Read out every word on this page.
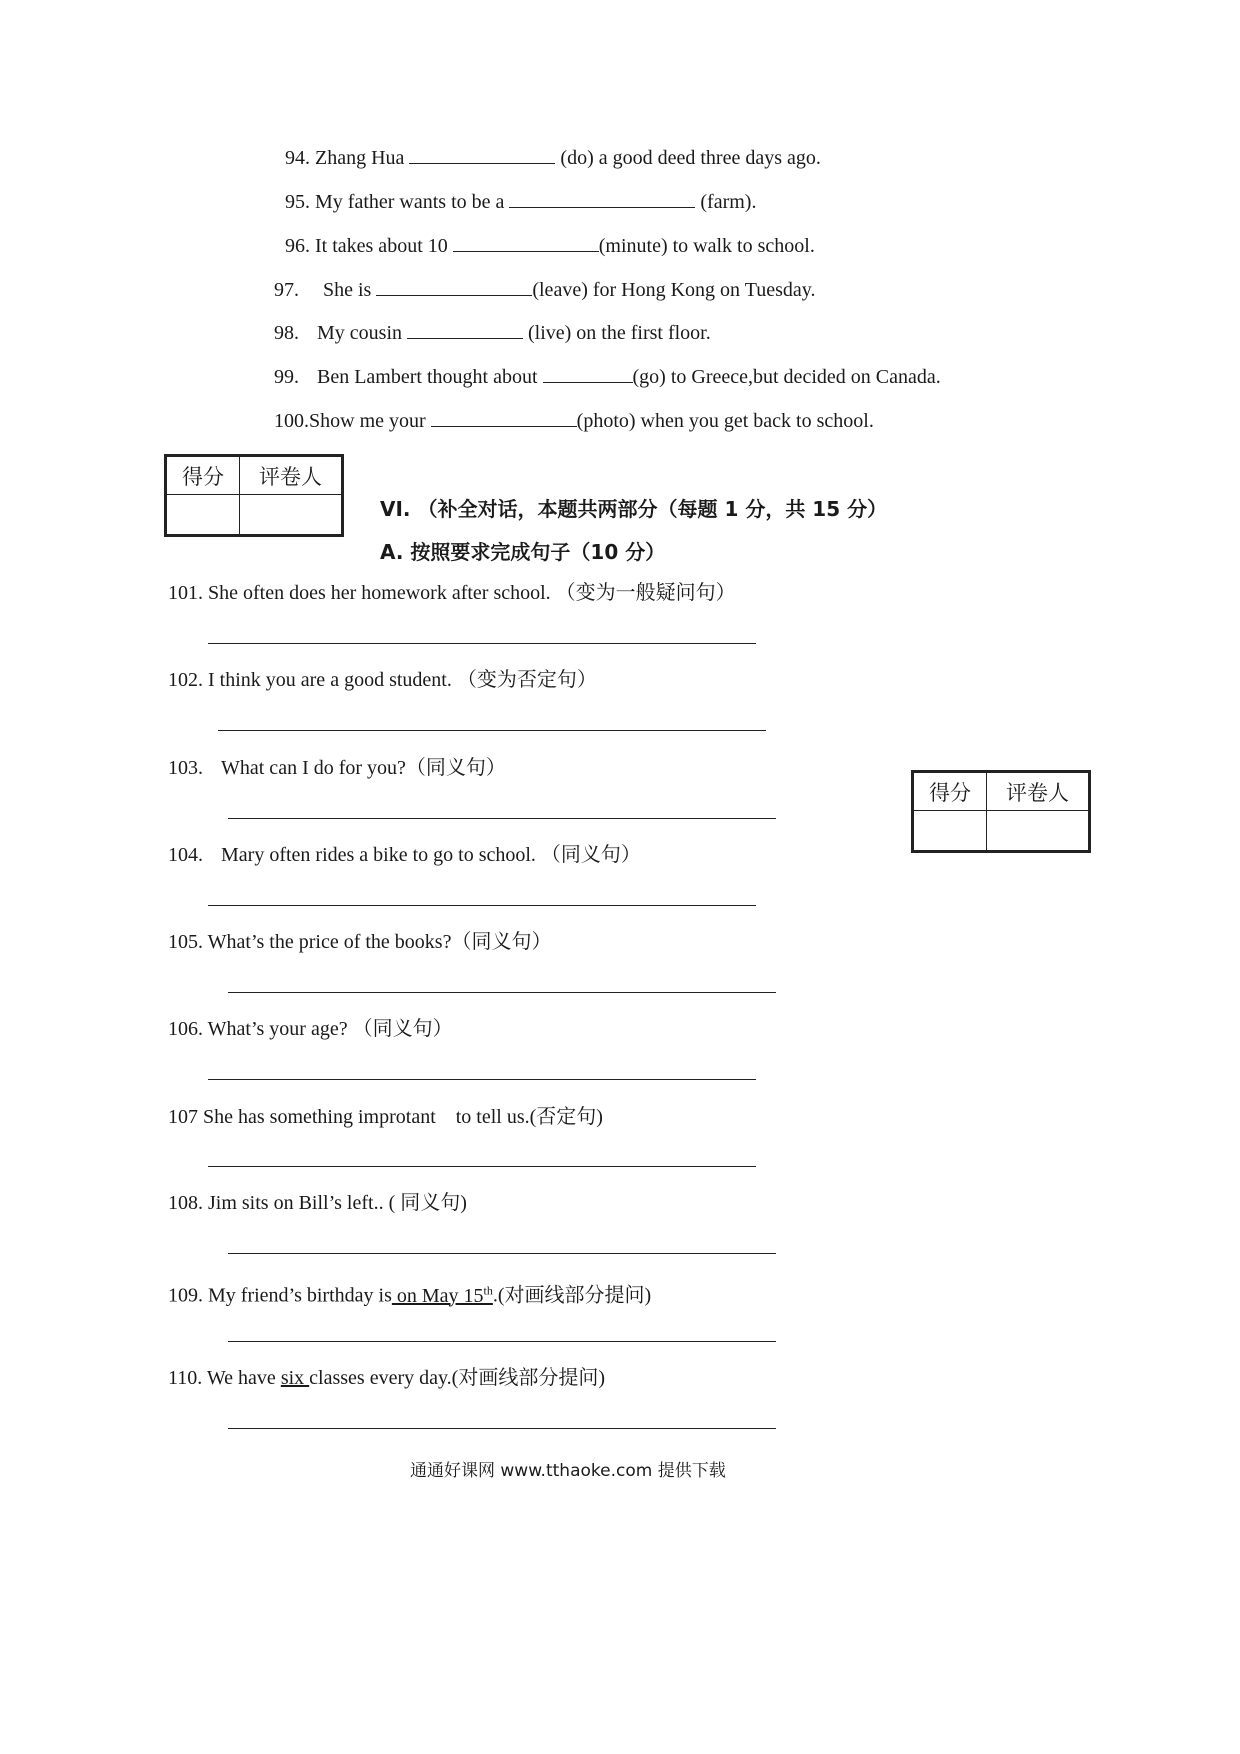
94. Zhang Hua	(do) a good deed three days ago.
95. My father wants to be a	(farm).
96. It takes about 10	(minute) to walk to school.
97. She is	(leave) for Hong Kong on Tuesday.
98. My cousin	(live) on the first floor.
99. Ben Lambert thought about	(go) to Greece,but decided on Canada.
100.Show me your	(photo) when you get back to school.
得分	评卷人

VI. （补全对话，本题共两部分（每题 1 分，共 15 分）
A. 按照要求完成句子（10 分）
得分	评卷人

101. She often does her homework after school. （变为一般疑问句）
102. I think you are a good student. （变为否定句）
103. What can I do for you?（同义句）
104. Mary often rides a bike to go to school. （同义句）
105. What’s the price of the books?（同义句）
106. What’s your age? （同义句）
107 She has something improtant    to tell us.(否定句)
108. Jim sits on Bill’s left.. ( 同义句)
109. My friend’s birthday is on May 15th.(对画线部分提问)
110. We have six classes every day.(对画线部分提问)
通通好课网 www.tthaoke.com 提供下载
